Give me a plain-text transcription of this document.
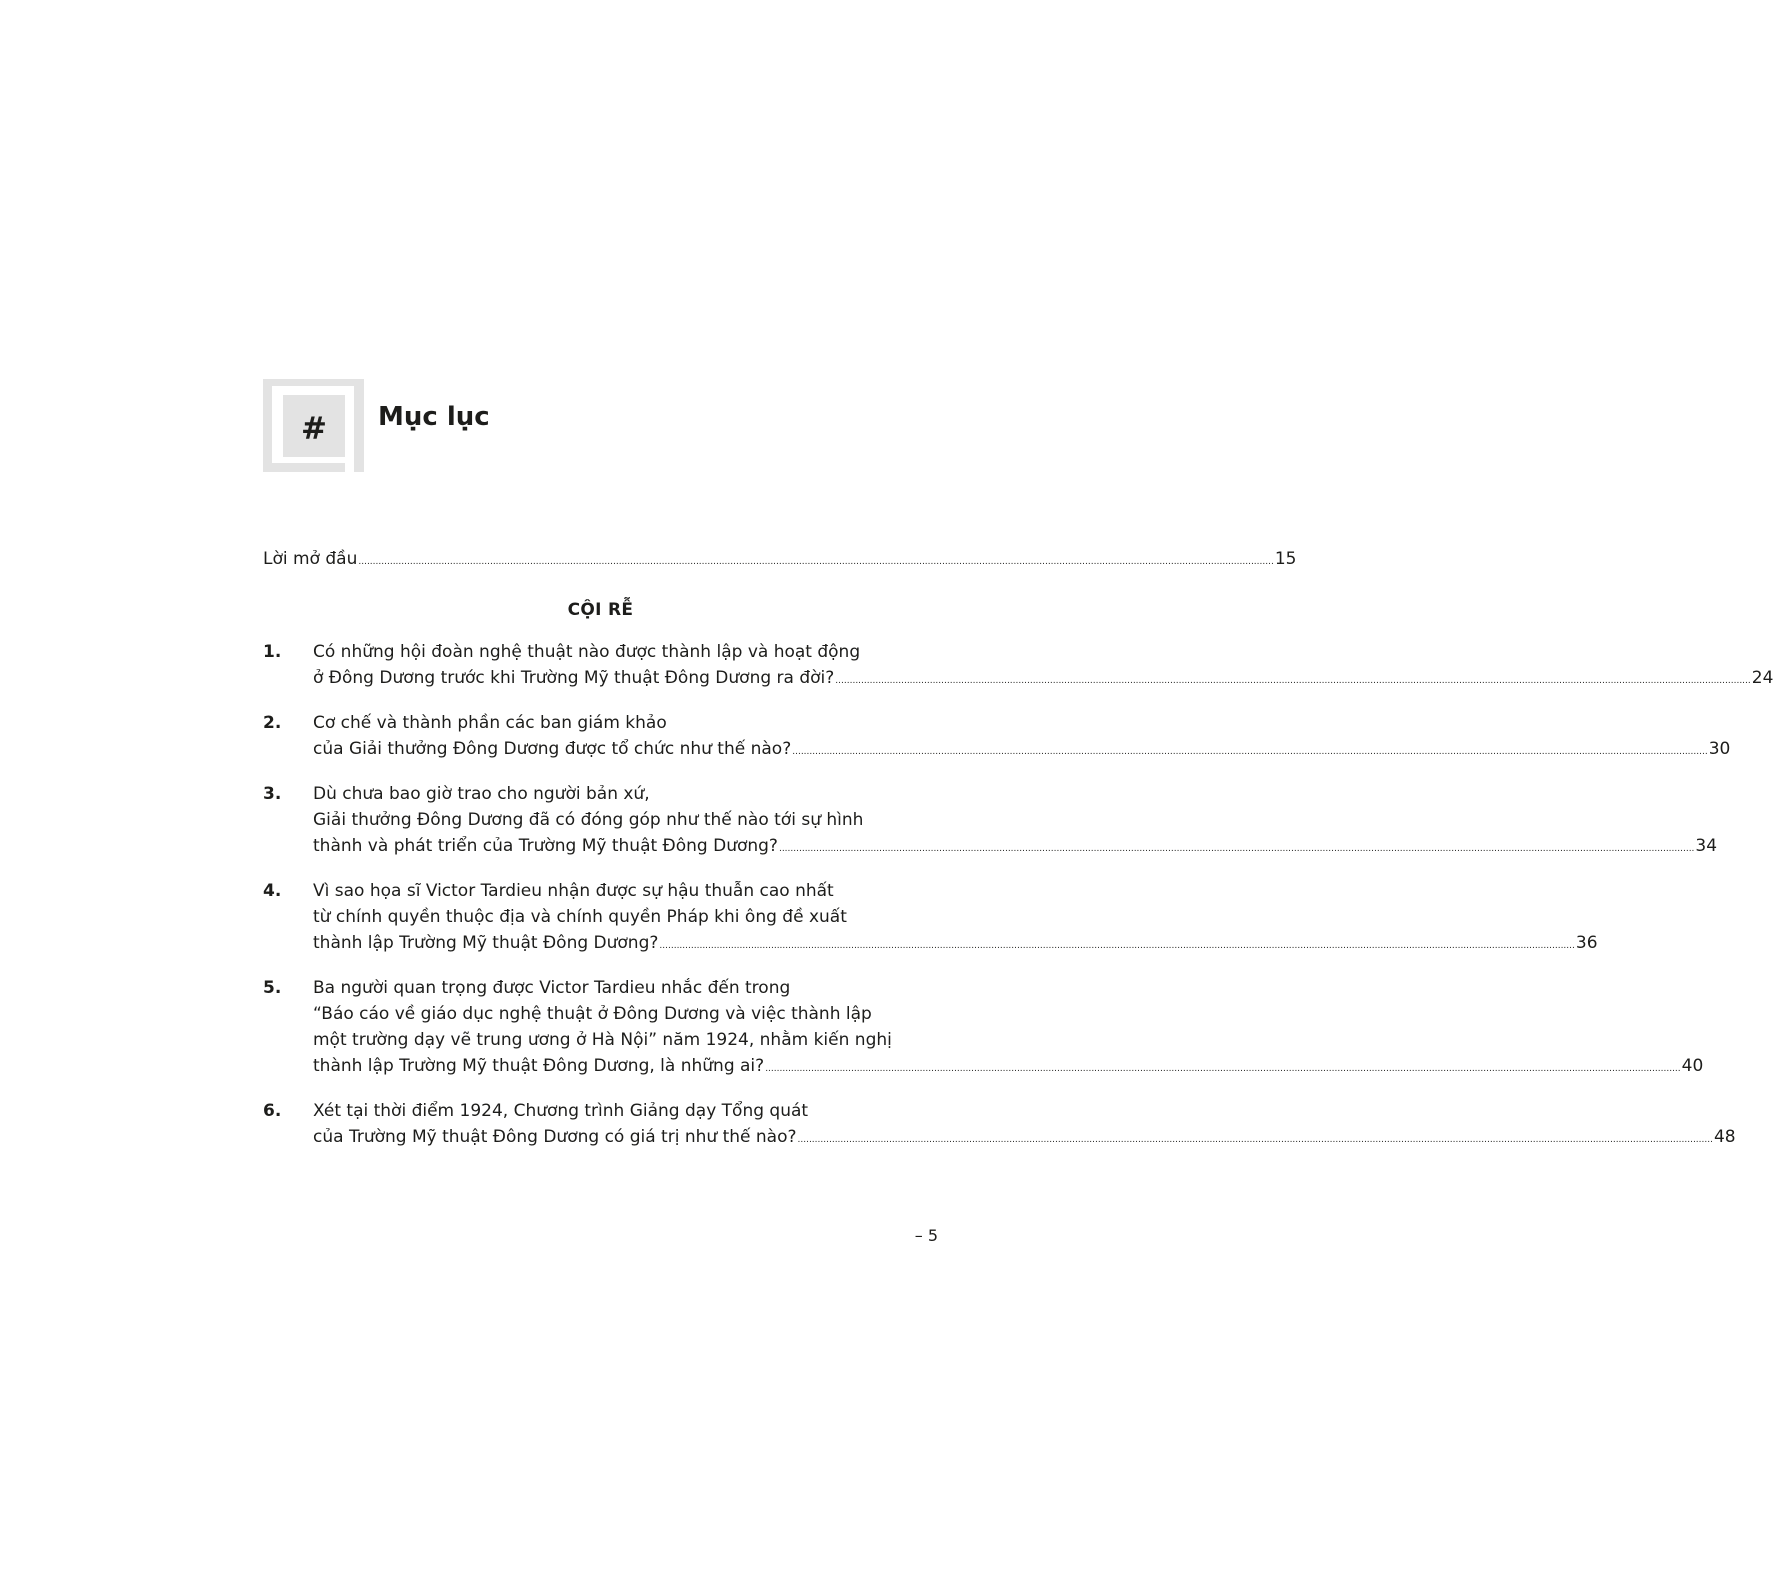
# Mục lục
Lời mở đầu .....	15
CỘI RỄ
1.	Có những hội đoàn nghệ thuật nào được thành lập và hoạt động
ở Đông Dương trước khi Trường Mỹ thuật Đông Dương ra đời? .....	24
2.	Cơ chế và thành phần các ban giám khảo
của Giải thưởng Đông Dương được tổ chức như thế nào? .....	30
3.	Dù chưa bao giờ trao cho người bản xứ,
Giải thưởng Đông Dương đã có đóng góp như thế nào tới sự hình
thành và phát triển của Trường Mỹ thuật Đông Dương? .....	34
4.	Vì sao họa sĩ Victor Tardieu nhận được sự hậu thuẫn cao nhất
từ chính quyền thuộc địa và chính quyền Pháp khi ông đề xuất
thành lập Trường Mỹ thuật Đông Dương? .....	36
5.	Ba người quan trọng được Victor Tardieu nhắc đến trong
“Báo cáo về giáo dục nghệ thuật ở Đông Dương và việc thành lập
một trường dạy vẽ trung ương ở Hà Nội” năm 1924, nhằm kiến nghị
thành lập Trường Mỹ thuật Đông Dương, là những ai? .....	40
6.	Xét tại thời điểm 1924, Chương trình Giảng dạy Tổng quát
của Trường Mỹ thuật Đông Dương có giá trị như thế nào? .....	48
– 5
